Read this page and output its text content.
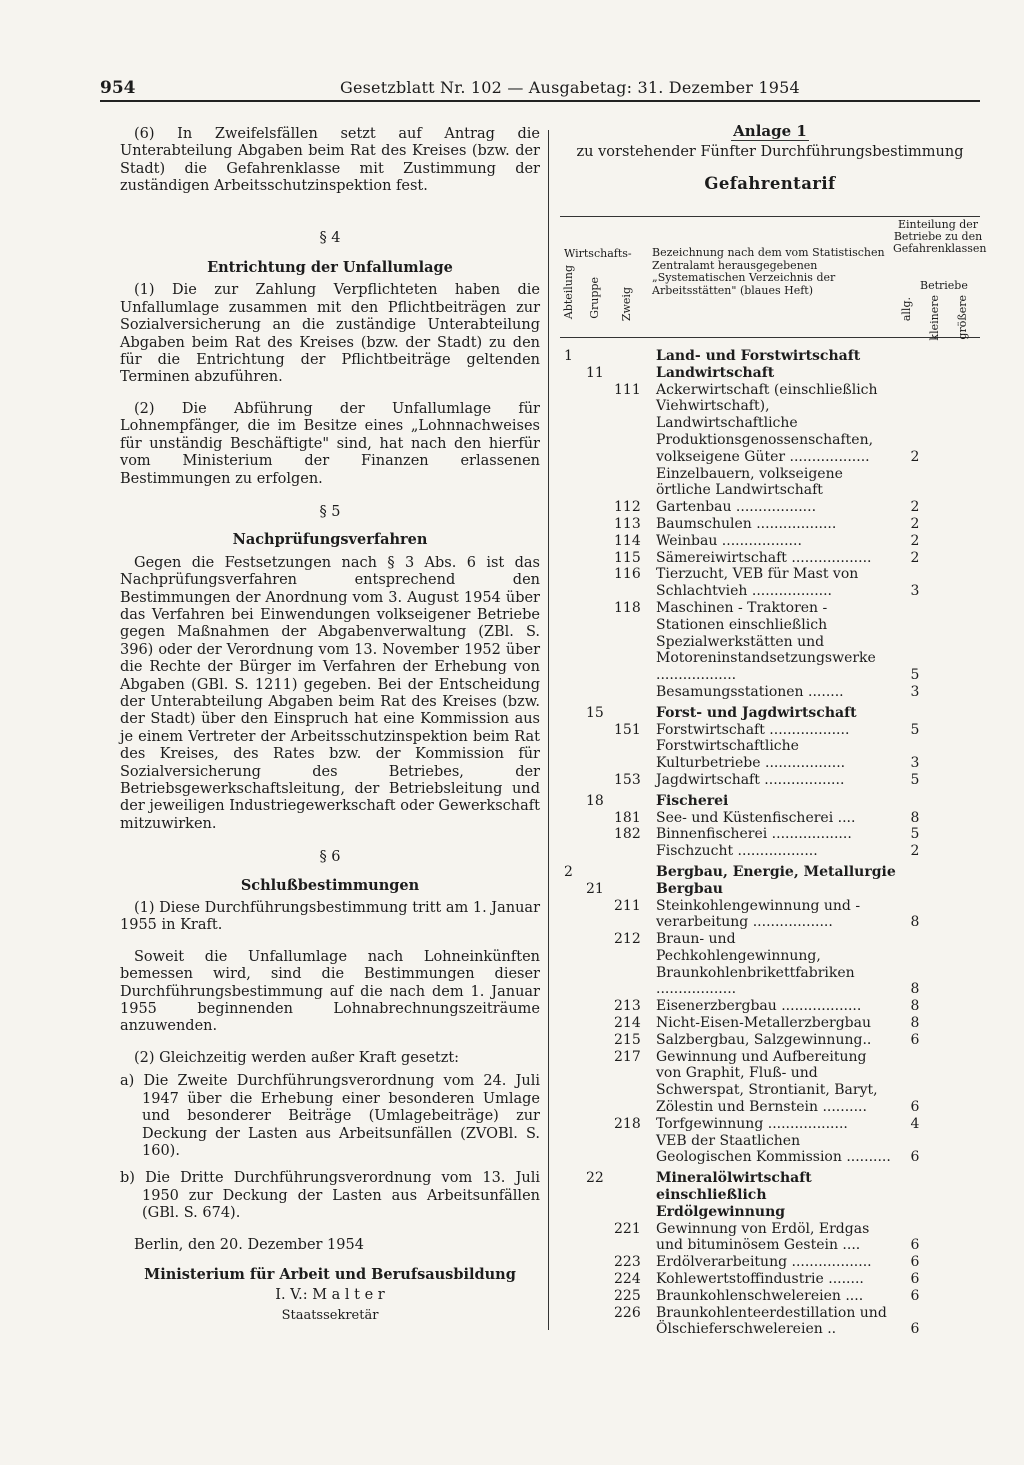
954	Gesetzblatt Nr. 102 — Ausgabetag: 31. Dezember 1954

(6) In Zweifelsfällen setzt auf Antrag die Unterabteilung Abgaben beim Rat des Kreises (bzw. der Stadt) die Gefahrenklasse mit Zustimmung der zuständigen Arbeitsschutzinspektion fest.

§ 4

Entrichtung der Unfallumlage

(1) Die zur Zahlung Verpflichteten haben die Unfallumlage zusammen mit den Pflichtbeiträgen zur Sozialversicherung an die zuständige Unterabteilung Abgaben beim Rat des Kreises (bzw. der Stadt) zu den für die Entrichtung der Pflichtbeiträge geltenden Terminen abzuführen.

(2) Die Abführung der Unfallumlage für Lohnempfänger, die im Besitze eines „Lohnnachweises für unständig Beschäftigte" sind, hat nach den hierfür vom Ministerium der Finanzen erlassenen Bestimmungen zu erfolgen.

§ 5

Nachprüfungsverfahren

Gegen die Festsetzungen nach § 3 Abs. 6 ist das Nachprüfungsverfahren entsprechend den Bestimmungen der Anordnung vom 3. August 1954 über das Verfahren bei Einwendungen volkseigener Betriebe gegen Maßnahmen der Abgabenverwaltung (ZBl. S. 396) oder der Verordnung vom 13. November 1952 über die Rechte der Bürger im Verfahren der Erhebung von Abgaben (GBl. S. 1211) gegeben. Bei der Entscheidung der Unterabteilung Abgaben beim Rat des Kreises (bzw. der Stadt) über den Einspruch hat eine Kommission aus je einem Vertreter der Arbeitsschutzinspektion beim Rat des Kreises, des Rates bzw. der Kommission für Sozialversicherung des Betriebes, der Betriebsgewerkschaftsleitung, der Betriebsleitung und der jeweiligen Industriegewerkschaft oder Gewerkschaft mitzuwirken.

§ 6

Schlußbestimmungen

(1) Diese Durchführungsbestimmung tritt am 1. Januar 1955 in Kraft.

Soweit die Unfallumlage nach Lohneinkünften bemessen wird, sind die Bestimmungen dieser Durchführungsbestimmung auf die nach dem 1. Januar 1955 beginnenden Lohnabrechnungszeiträume anzuwenden.

(2) Gleichzeitig werden außer Kraft gesetzt:

a) Die Zweite Durchführungsverordnung vom 24. Juli 1947 über die Erhebung einer besonderen Umlage und besonderer Beiträge (Umlagebeiträge) zur Deckung der Lasten aus Arbeitsunfällen (ZVOBl. S. 160).

b) Die Dritte Durchführungsverordnung vom 13. Juli 1950 zur Deckung der Lasten aus Arbeitsunfällen (GBl. S. 674).

Berlin, den 20. Dezember 1954

Ministerium für Arbeit und Berufsausbildung

I. V.: M a l t e r

Staatssekretär

Anlage 1
zu vorstehender Fünfter Durchführungsbestimmung
Gefahrentarif
Wirtschafts-
Abteilung Gruppe Zweig
Bezeichnung nach dem vom Statistischen Zentralamt herausgegebenen „Systematischen Verzeichnis der Arbeitsstätten" (blaues Heft)
Einteilung der Betriebe zu den Gefahrenklassen
Betriebe
allg. kleinere größere
1	Land- und Forstwirtschaft
11	Landwirtschaft
111 Ackerwirtschaft (einschließlich Viehwirtschaft), Landwirtschaftliche Produktionsgenossenschaften, volkseigene Güter ..................	2
Einzelbauern, volkseigene örtliche Landwirtschaft
112 Gartenbau ..................	2
113 Baumschulen ..................	2
114 Weinbau ..................	2
115 Sämereiwirtschaft ..................	2
116 Tierzucht, VEB für Mast von Schlachtvieh ..................	3
118 Maschinen - Traktoren - Stationen einschließlich Spezialwerkstätten und Motoreninstandsetzungswerke ..................	5
Besamungsstationen ........	3
15	Forst- und Jagdwirtschaft
151 Forstwirtschaft ..................	5
Forstwirtschaftliche Kulturbetriebe ..................	3
153 Jagdwirtschaft ..................	5
18	Fischerei
181 See- und Küstenfischerei ....	8
182 Binnenfischerei ..................	5
Fischzucht ..................	2
2	Bergbau, Energie, Metallurgie
21	Bergbau
211 Steinkohlengewinnung und -verarbeitung ..................	8
212 Braun- und Pechkohlengewinnung, Braunkohlenbrikettfabriken ..................	8
213 Eisenerzbergbau ..................	8
214 Nicht-Eisen-Metallerzbergbau	8
215 Salzbergbau, Salzgewinnung..	6
217 Gewinnung und Aufbereitung von Graphit, Fluß- und Schwerspat, Strontianit, Baryt, Zölestin und Bernstein ..........	6
218 Torfgewinnung ..................	4
VEB der Staatlichen Geologischen Kommission ..........	6
22	Mineralölwirtschaft einschließlich Erdölgewinnung
221 Gewinnung von Erdöl, Erdgas und bituminösem Gestein ....	6
223 Erdölverarbeitung ..................	6
224 Kohlewertstoffindustrie ........	6
225 Braunkohlenschwelereien ....	6
226 Braunkohlenteerdestillation und Ölschieferschwelereien ..	6
